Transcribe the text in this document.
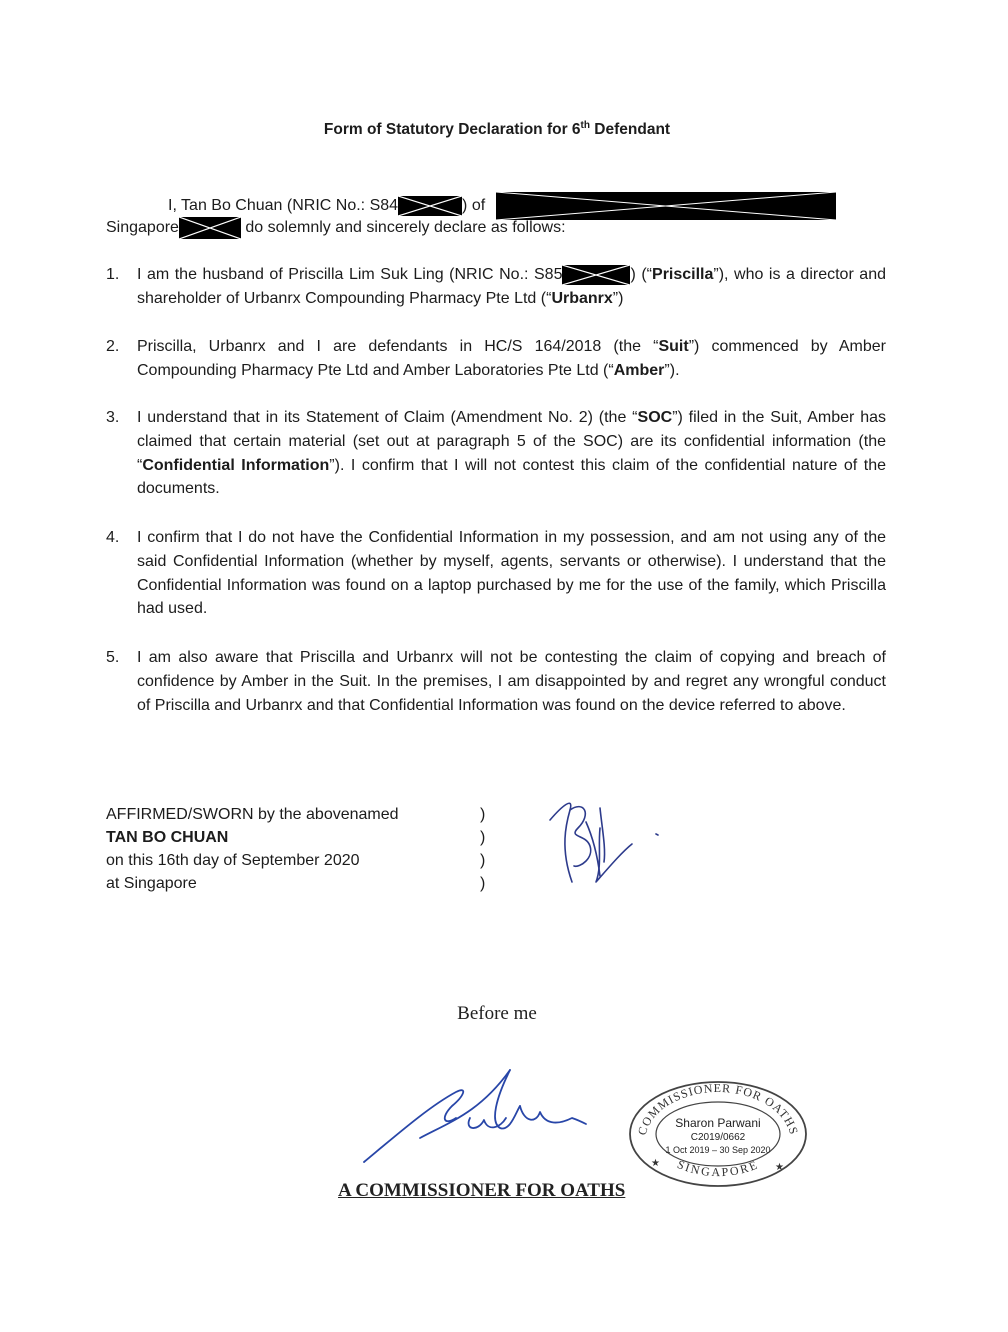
Form of Statutory Declaration for 6th Defendant
I, Tan Bo Chuan (NRIC No.: S84	) of
Singapore	do solemnly and sincerely declare as follows:
1.	I am the husband of Priscilla Lim Suk Ling (NRIC No.: S85	) (“Priscilla”), who is a director and shareholder of Urbanrx Compounding Pharmacy Pte Ltd (“Urbanrx”)
2.	Priscilla, Urbanrx and I are defendants in HC/S 164/2018 (the “Suit”) commenced by Amber Compounding Pharmacy Pte Ltd and Amber Laboratories Pte Ltd (“Amber”).
3.	I understand that in its Statement of Claim (Amendment No. 2) (the “SOC”) filed in the Suit, Amber has claimed that certain material (set out at paragraph 5 of the SOC) are its confidential information (the “Confidential Information”). I confirm that I will not contest this claim of the confidential nature of the documents.
4.	I confirm that I do not have the Confidential Information in my possession, and am not using any of the said Confidential Information (whether by myself, agents, servants or otherwise). I understand that the Confidential Information was found on a laptop purchased by me for the use of the family, which Priscilla had used.
5.	I am also aware that Priscilla and Urbanrx will not be contesting the claim of copying and breach of confidence by Amber in the Suit. In the premises, I am disappointed by and regret any wrongful conduct of Priscilla and Urbanrx and that Confidential Information was found on the device referred to above.
AFFIRMED/SWORN by the abovenamed
TAN BO CHUAN
on this 16th day of September 2020
at Singapore
)
)
)
)
Before me
A COMMISSIONER FOR OATHS
COMMISSIONER FOR OATHS
SINGAPORE
Sharon Parwani
C2019/0662
1 Oct 2019 – 30 Sep 2020
★	★
